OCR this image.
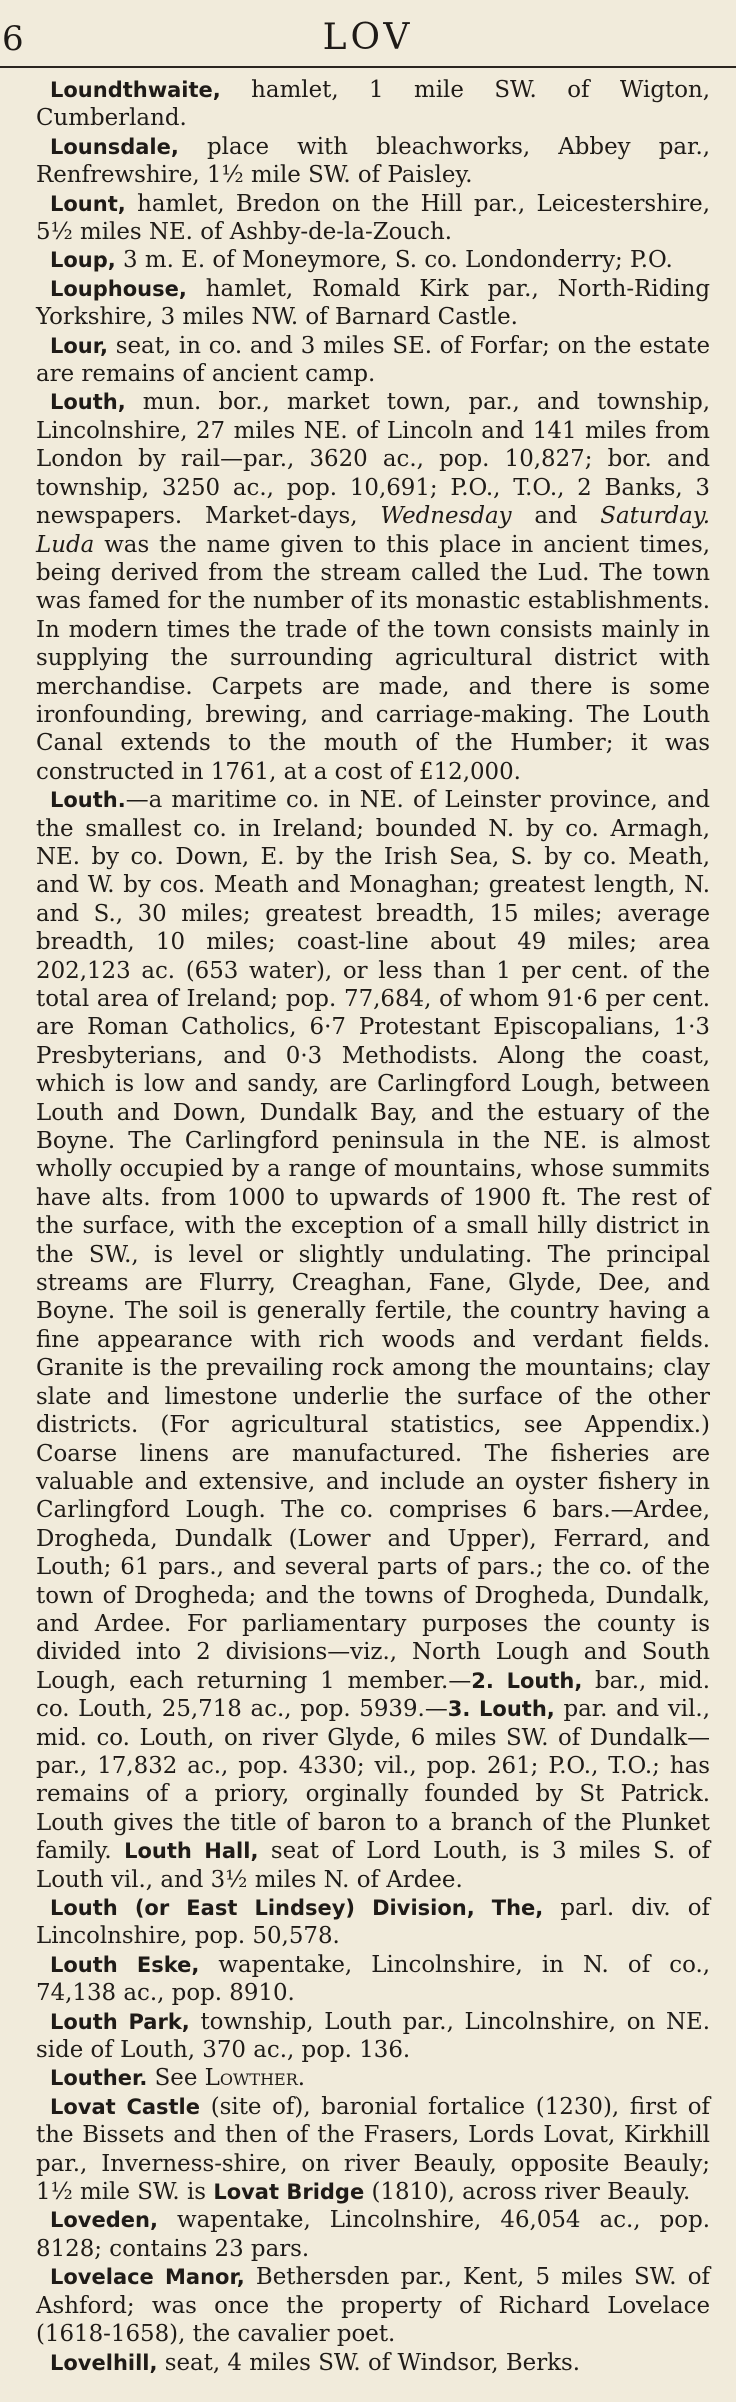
6	LOV

Loundthwaite, hamlet, 1 mile SW. of Wigton, Cumberland.

Lounsdale, place with bleachworks, Abbey par., Renfrewshire, 1½ mile SW. of Paisley.

Lount, hamlet, Bredon on the Hill par., Leicestershire, 5½ miles NE. of Ashby-de-la-Zouch.

Loup, 3 m. E. of Moneymore, S. co. Londonderry; P.O.

Louphouse, hamlet, Romald Kirk par., North-Riding Yorkshire, 3 miles NW. of Barnard Castle.

Lour, seat, in co. and 3 miles SE. of Forfar; on the estate are remains of ancient camp.

Louth, mun. bor., market town, par., and township, Lincolnshire, 27 miles NE. of Lincoln and 141 miles from London by rail—par., 3620 ac., pop. 10,827; bor. and township, 3250 ac., pop. 10,691; P.O., T.O., 2 Banks, 3 newspapers. Market-days, Wednesday and Saturday. Luda was the name given to this place in ancient times, being derived from the stream called the Lud. The town was famed for the number of its monastic establishments. In modern times the trade of the town consists mainly in supplying the surrounding agricultural district with merchandise. Carpets are made, and there is some ironfounding, brewing, and carriage-making. The Louth Canal extends to the mouth of the Humber; it was constructed in 1761, at a cost of £12,000.

Louth.—a maritime co. in NE. of Leinster province, and the smallest co. in Ireland; bounded N. by co. Armagh, NE. by co. Down, E. by the Irish Sea, S. by co. Meath, and W. by cos. Meath and Monaghan; greatest length, N. and S., 30 miles; greatest breadth, 15 miles; average breadth, 10 miles; coast-line about 49 miles; area 202,123 ac. (653 water), or less than 1 per cent. of the total area of Ireland; pop. 77,684, of whom 91·6 per cent. are Roman Catholics, 6·7 Protestant Episcopalians, 1·3 Presbyterians, and 0·3 Methodists. Along the coast, which is low and sandy, are Carlingford Lough, between Louth and Down, Dundalk Bay, and the estuary of the Boyne. The Carlingford peninsula in the NE. is almost wholly occupied by a range of mountains, whose summits have alts. from 1000 to upwards of 1900 ft. The rest of the surface, with the exception of a small hilly district in the SW., is level or slightly undulating. The principal streams are Flurry, Creaghan, Fane, Glyde, Dee, and Boyne. The soil is generally fertile, the country having a fine appearance with rich woods and verdant fields. Granite is the prevailing rock among the mountains; clay slate and limestone underlie the surface of the other districts. (For agricultural statistics, see Appendix.) Coarse linens are manufactured. The fisheries are valuable and extensive, and include an oyster fishery in Carlingford Lough. The co. comprises 6 bars.—Ardee, Drogheda, Dundalk (Lower and Upper), Ferrard, and Louth; 61 pars., and several parts of pars.; the co. of the town of Drogheda; and the towns of Drogheda, Dundalk, and Ardee. For parliamentary purposes the county is divided into 2 divisions—viz., North Lough and South Lough, each returning 1 member.—2. Louth, bar., mid. co. Louth, 25,718 ac., pop. 5939.—3. Louth, par. and vil., mid. co. Louth, on river Glyde, 6 miles SW. of Dundalk—par., 17,832 ac., pop. 4330; vil., pop. 261; P.O., T.O.; has remains of a priory, orginally founded by St Patrick. Louth gives the title of baron to a branch of the Plunket family. Louth Hall, seat of Lord Louth, is 3 miles S. of Louth vil., and 3½ miles N. of Ardee.

Louth (or East Lindsey) Division, The, parl. div. of Lincolnshire, pop. 50,578.

Louth Eske, wapentake, Lincolnshire, in N. of co., 74,138 ac., pop. 8910.

Louth Park, township, Louth par., Lincolnshire, on NE. side of Louth, 370 ac., pop. 136.

Louther. See Lowther.

Lovat Castle (site of), baronial fortalice (1230), first of the Bissets and then of the Frasers, Lords Lovat, Kirkhill par., Inverness-shire, on river Beauly, opposite Beauly; 1½ mile SW. is Lovat Bridge (1810), across river Beauly.

Loveden, wapentake, Lincolnshire, 46,054 ac., pop. 8128; contains 23 pars.

Lovelace Manor, Bethersden par., Kent, 5 miles SW. of Ashford; was once the property of Richard Lovelace (1618-1658), the cavalier poet.

Lovelhill, seat, 4 miles SW. of Windsor, Berks.
